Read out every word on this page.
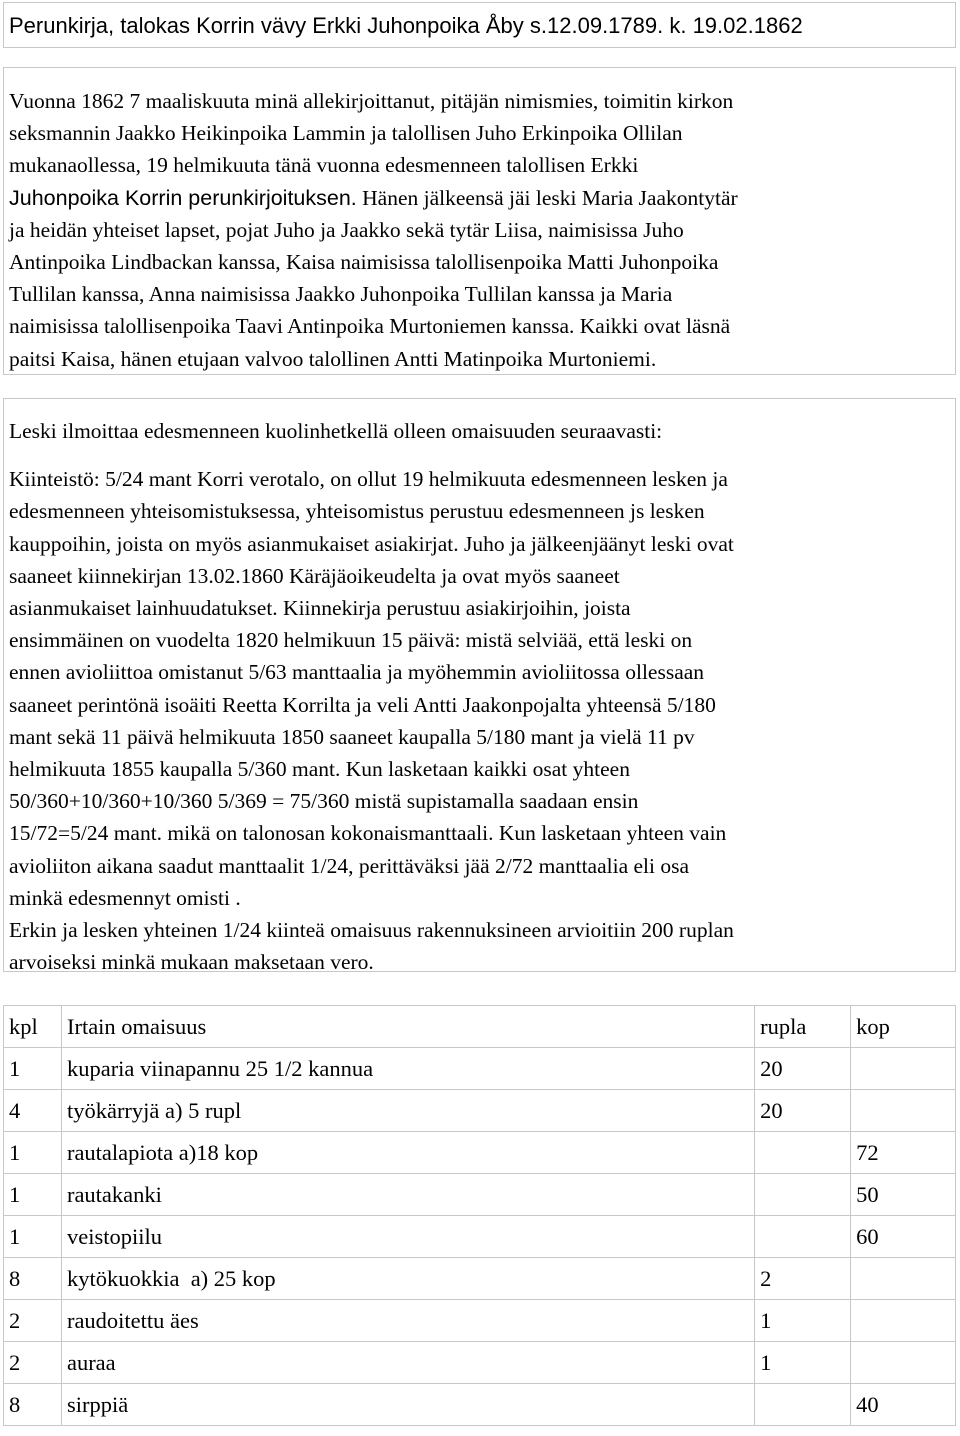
Perunkirja, talokas Korrin vävy Erkki Juhonpoika Åby s.12.09.1789. k. 19.02.1862
Vuonna 1862 7 maaliskuuta minä allekirjoittanut, pitäjän nimismies, toimitin kirkon
seksmannin Jaakko Heikinpoika Lammin ja talollisen Juho Erkinpoika Ollilan
mukanaollessa, 19 helmikuuta tänä vuonna edesmenneen talollisen Erkki
Juhonpoika Korrin perunkirjoituksen. Hänen jälkeensä jäi leski Maria Jaakontytär
ja heidän yhteiset lapset, pojat Juho ja Jaakko sekä tytär Liisa, naimisissa Juho
Antinpoika Lindbackan kanssa, Kaisa naimisissa talollisenpoika Matti Juhonpoika
Tullilan kanssa, Anna naimisissa Jaakko Juhonpoika Tullilan kanssa ja Maria
naimisissa talollisenpoika Taavi Antinpoika Murtoniemen kanssa. Kaikki ovat läsnä
paitsi Kaisa, hänen etujaan valvoo talollinen Antti Matinpoika Murtoniemi.

Leski ilmoittaa edesmenneen kuolinhetkellä olleen omaisuuden seuraavasti:

Kiinteistö: 5/24 mant Korri verotalo, on ollut 19 helmikuuta edesmenneen lesken ja
edesmenneen yhteisomistuksessa, yhteisomistus perustuu edesmenneen js lesken
kauppoihin, joista on myös asianmukaiset asiakirjat. Juho ja jälkeenjäänyt leski ovat
saaneet kiinnekirjan 13.02.1860 Käräjäoikeudelta ja ovat myös saaneet
asianmukaiset lainhuudatukset. Kiinnekirja perustuu asiakirjoihin, joista
ensimmäinen on vuodelta 1820 helmikuun 15 päivä: mistä selviää, että leski on
ennen avioliittoa omistanut 5/63 manttaalia ja myöhemmin avioliitossa ollessaan
saaneet perintönä isoäiti Reetta Korrilta ja veli Antti Jaakonpojalta yhteensä 5/180
mant sekä 11 päivä helmikuuta 1850 saaneet kaupalla 5/180 mant ja vielä 11 pv
helmikuuta 1855 kaupalla 5/360 mant. Kun lasketaan kaikki osat yhteen
50/360+10/360+10/360 5/369 = 75/360 mistä supistamalla saadaan ensin
15/72=5/24 mant. mikä on talonosan kokonaismanttaali. Kun lasketaan yhteen vain
avioliiton aikana saadut manttaalit 1/24, perittäväksi jää 2/72 manttaalia eli osa
minkä edesmennyt omisti .
Erkin ja lesken yhteinen 1/24 kiinteä omaisuus rakennuksineen arvioitiin 200 ruplan
arvoiseksi minkä mukaan maksetaan vero.
kpl	Irtain omaisuus	rupla	kop
1	kuparia viinapannu 25 1/2 kannua	20	
4	työkärryjä a) 5 rupl	20	
1	rautalapiota a)18 kop		72
1	rautakanki		50
1	veistopiilu		60
8	kytökuokkia  a) 25 kop	2	
2	raudoitettu äes	1	
2	auraa	1	
8	sirppiä		40
